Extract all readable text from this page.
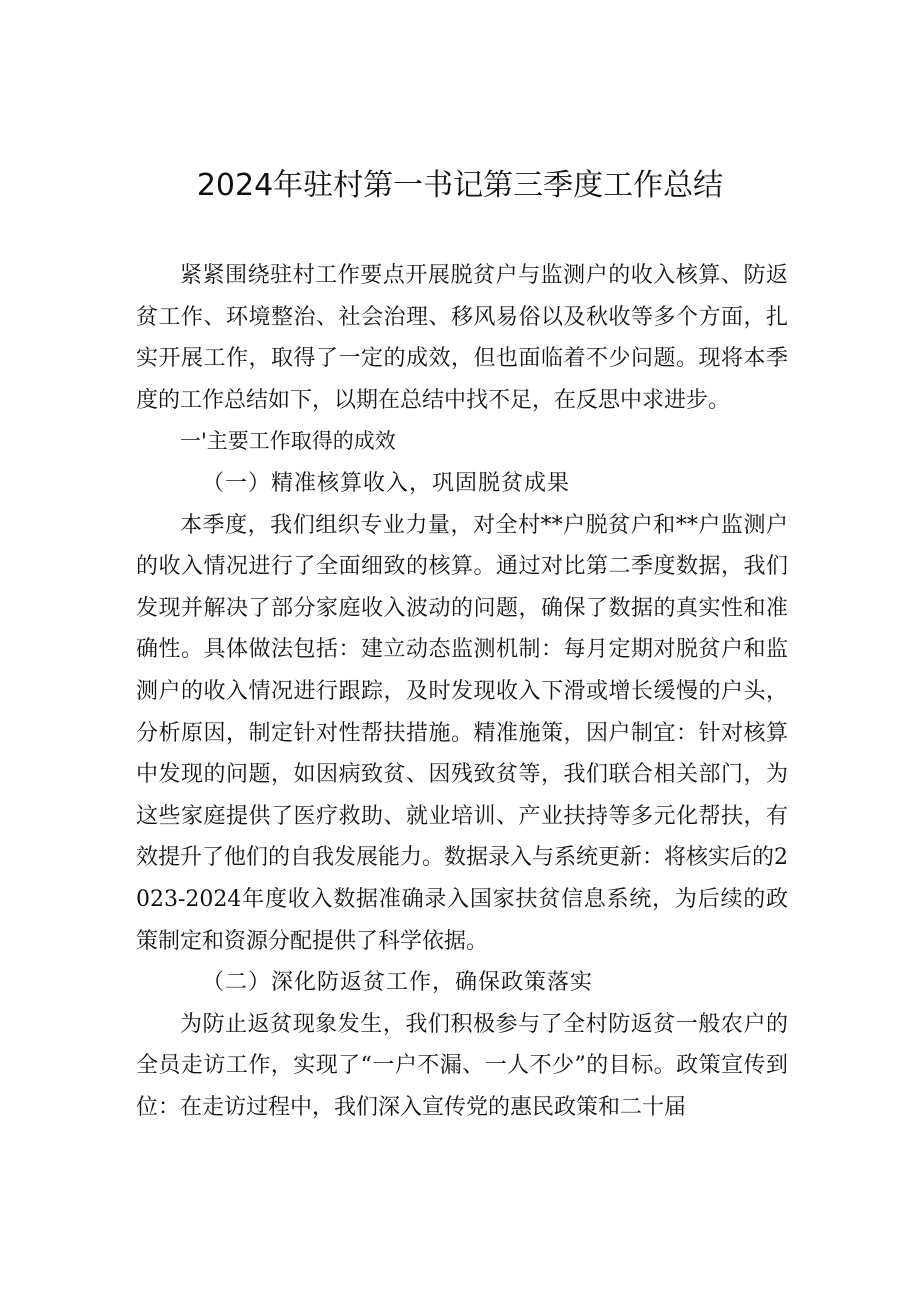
2024年驻村第一书记第三季度工作总结

紧紧围绕驻村工作要点开展脱贫户与监测户的收入核算、防返贫工作、环境整治、社会治理、移风易俗以及秋收等多个方面，扎实开展工作，取得了一定的成效，但也面临着不少问题。现将本季度的工作总结如下，以期在总结中找不足，在反思中求进步。

一'主要工作取得的成效

（一）精准核算收入，巩固脱贫成果

本季度，我们组织专业力量，对全村**户脱贫户和**户监测户的收入情况进行了全面细致的核算。通过对比第二季度数据，我们发现并解决了部分家庭收入波动的问题，确保了数据的真实性和准确性。具体做法包括：建立动态监测机制：每月定期对脱贫户和监测户的收入情况进行跟踪，及时发现收入下滑或增长缓慢的户头，分析原因，制定针对性帮扶措施。精准施策，因户制宜：针对核算中发现的问题，如因病致贫、因残致贫等，我们联合相关部门，为这些家庭提供了医疗救助、就业培训、产业扶持等多元化帮扶，有效提升了他们的自我发展能力。数据录入与系统更新：将核实后的2023-2024年度收入数据准确录入国家扶贫信息系统，为后续的政策制定和资源分配提供了科学依据。

（二）深化防返贫工作，确保政策落实

为防止返贫现象发生，我们积极参与了全村防返贫一般农户的全员走访工作，实现了“一户不漏、一人不少”的目标。政策宣传到位：在走访过程中，我们深入宣传党的惠民政策和二十届
